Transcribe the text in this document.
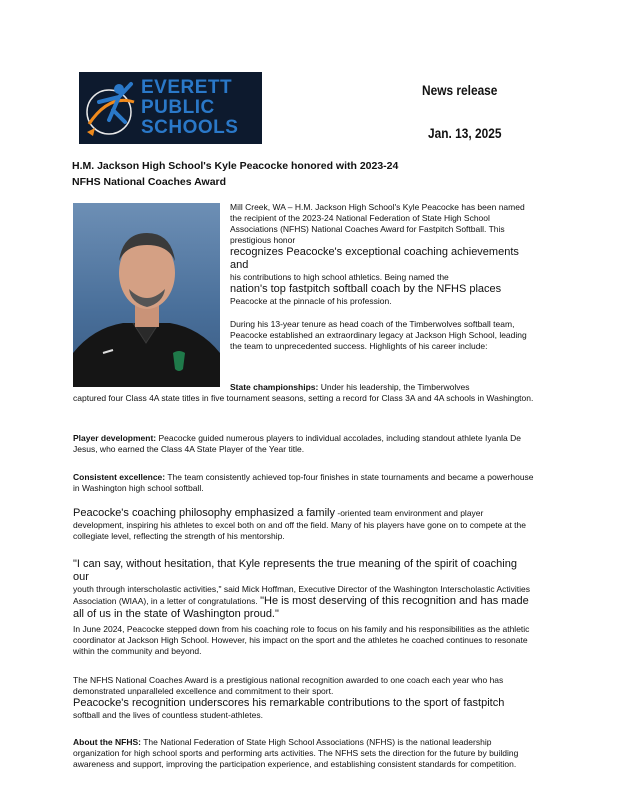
EVERETT
PUBLIC
SCHOOLS
News release
Jan. 13, 2025
H.M. Jackson High School's Kyle Peacocke honored with 2023-24
NFHS National Coaches Award

Mill Creek, WA – H.M. Jackson High School's Kyle Peacocke has been named the recipient of the 2023-24 National Federation of State High School Associations (NFHS) National Coaches Award for Fastpitch Softball. This prestigious honor
recognizes Peacocke's exceptional coaching achievements and
his contributions to high school athletics. Being named the
nation's top fastpitch softball coach by the NFHS places
Peacocke at the pinnacle of his profession.

During his 13-year tenure as head coach of the Timberwolves softball team, Peacocke established an extraordinary legacy at Jackson High School, leading the team to unprecedented success. Highlights of his career include:

State championships: Under his leadership, the Timberwolves
captured four Class 4A state titles in five tournament seasons, setting a record for Class 3A and 4A schools in Washington.
Player development: Peacocke guided numerous players to individual accolades, including standout athlete Iyanla De Jesus, who earned the Class 4A State Player of the Year title.
Consistent excellence: The team consistently achieved top-four finishes in state tournaments and became a powerhouse in Washington high school softball.
Peacocke's coaching philosophy emphasized a family -oriented team environment and player development, inspiring his athletes to excel both on and off the field. Many of his players have gone on to compete at the collegiate level, reflecting the strength of his mentorship.
"I can say, without hesitation, that Kyle represents the true meaning of the spirit of coaching our
youth through interscholastic activities," said Mick Hoffman, Executive Director of the Washington Interscholastic Activities Association (WIAA), in a letter of congratulations. "He is most deserving of this recognition and has made all of us in the state of Washington proud."
In June 2024, Peacocke stepped down from his coaching role to focus on his family and his responsibilities as the athletic coordinator at Jackson High School. However, his impact on the sport and the athletes he coached continues to resonate within the community and beyond.
The NFHS National Coaches Award is a prestigious national recognition awarded to one coach each year who has demonstrated unparalleled excellence and commitment to their sport.
Peacocke's recognition underscores his remarkable contributions to the sport of fastpitch
softball and the lives of countless student-athletes.
About the NFHS: The National Federation of State High School Associations (NFHS) is the national leadership organization for high school sports and performing arts activities. The NFHS sets the direction for the future by building awareness and support, improving the participation experience, and establishing consistent standards for competition.
